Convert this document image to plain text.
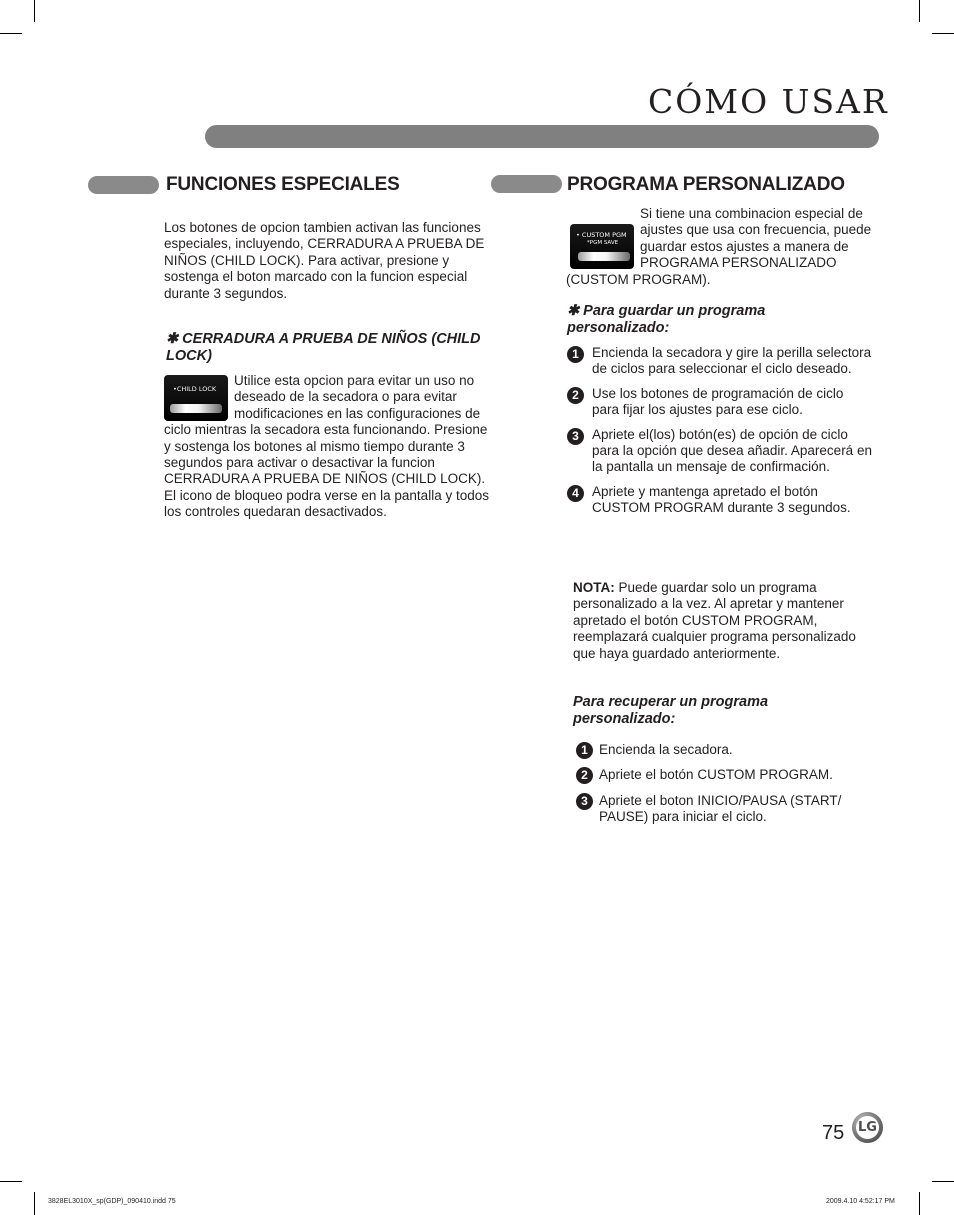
CÓMO USAR
FUNCIONES ESPECIALES
Los botones de opcion tambien activan las funciones especiales, incluyendo, CERRADURA A PRUEBA DE NIÑOS (CHILD LOCK). Para activar, presione y sostenga el boton marcado con la funcion especial durante 3 segundos.
✱ CERRADURA A PRUEBA DE NIÑOS (CHILD LOCK)
•CHILD LOCK
Utilice esta opcion para evitar un uso no deseado de la secadora o para evitar modificaciones en las configuraciones de ciclo mientras la secadora esta funcionando. Presione y sostenga los botones al mismo tiempo durante 3 segundos para activar o desactivar la funcion CERRADURA A PRUEBA DE NIÑOS (CHILD LOCK). El icono de bloqueo podra verse en la pantalla y todos los controles quedaran desactivados.
PROGRAMA PERSONALIZADO
• CUSTOM PGM
*PGM SAVE
Si tiene una combinacion especial de ajustes que usa con frecuencia, puede guardar estos ajustes a manera de PROGRAMA PERSONALIZADO (CUSTOM PROGRAM).
✱ Para guardar un programa personalizado:
1 Encienda la secadora y gire la perilla selectora de ciclos para seleccionar el ciclo deseado.
2 Use los botones de programación de ciclo para fijar los ajustes para ese ciclo.
3 Apriete el(los) botón(es) de opción de ciclo para la opción que desea añadir. Aparecerá en la pantalla un mensaje de confirmación.
4 Apriete y mantenga apretado el botón CUSTOM PROGRAM durante 3 segundos.
NOTA: Puede guardar solo un programa personalizado a la vez. Al apretar y mantener apretado el botón CUSTOM PROGRAM, reemplazará cualquier programa personalizado que haya guardado anteriormente.
Para recuperar un programa personalizado:
1 Encienda la secadora.
2 Apriete el botón CUSTOM PROGRAM.
3 Apriete el boton INICIO/PAUSA (START/ PAUSE) para iniciar el ciclo.
75 LG
3828EL3010X_sp(GDP)_090410.indd 75	2009.4.10 4:52:17 PM
